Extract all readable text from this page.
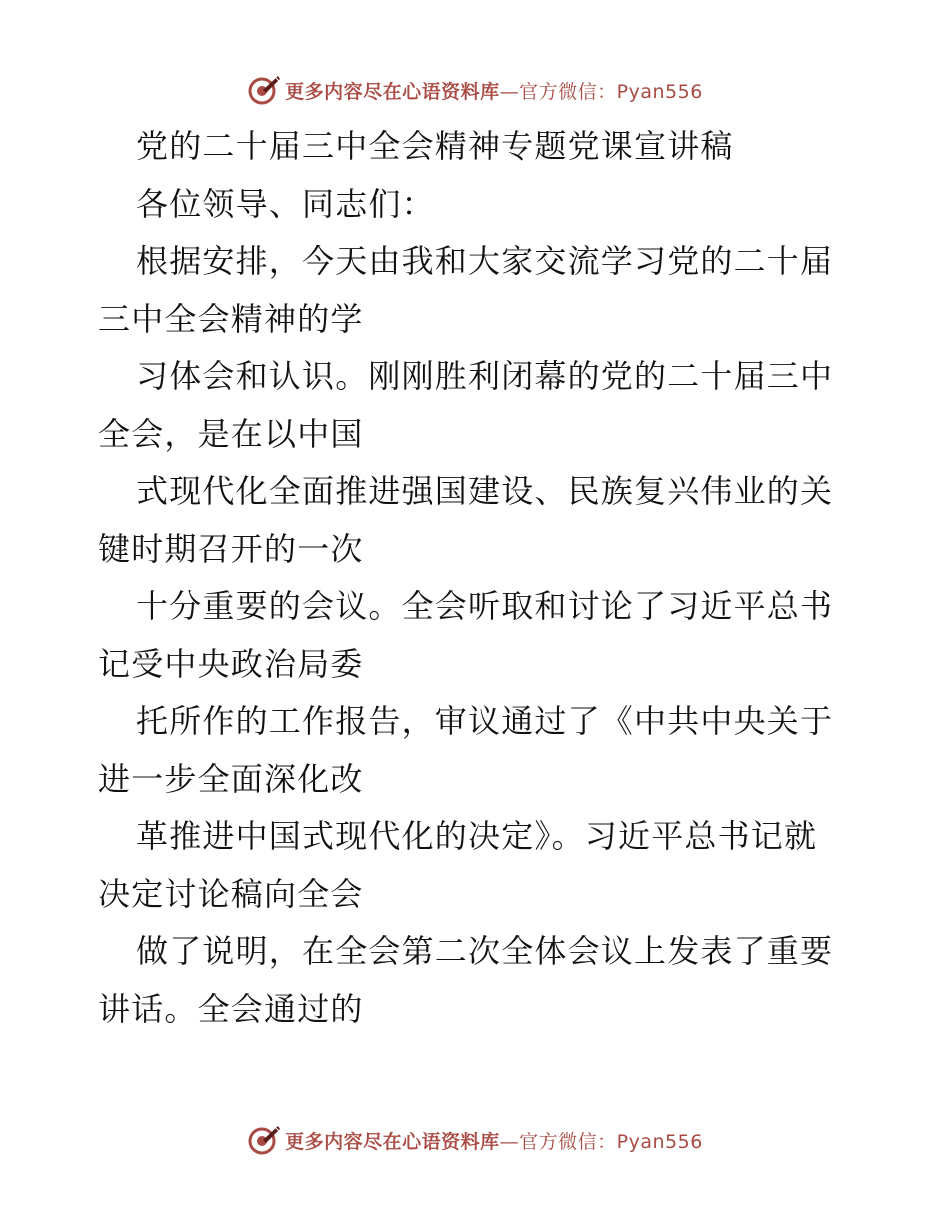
更多内容尽在心语资料库—官方微信：Pyan556
党的二十届三中全会精神专题党课宣讲稿
各位领导、同志们：
根据安排，今天由我和大家交流学习党的二十届
三中全会精神的学
习体会和认识。刚刚胜利闭幕的党的二十届三中
全会，是在以中国
式现代化全面推进强国建设、民族复兴伟业的关
键时期召开的一次
十分重要的会议。全会听取和讨论了习近平总书
记受中央政治局委
托所作的工作报告，审议通过了《中共中央关于
进一步全面深化改
革推进中国式现代化的决定》。习近平总书记就
决定讨论稿向全会
做了说明，在全会第二次全体会议上发表了重要
讲话。全会通过的
更多内容尽在心语资料库—官方微信：Pyan556
